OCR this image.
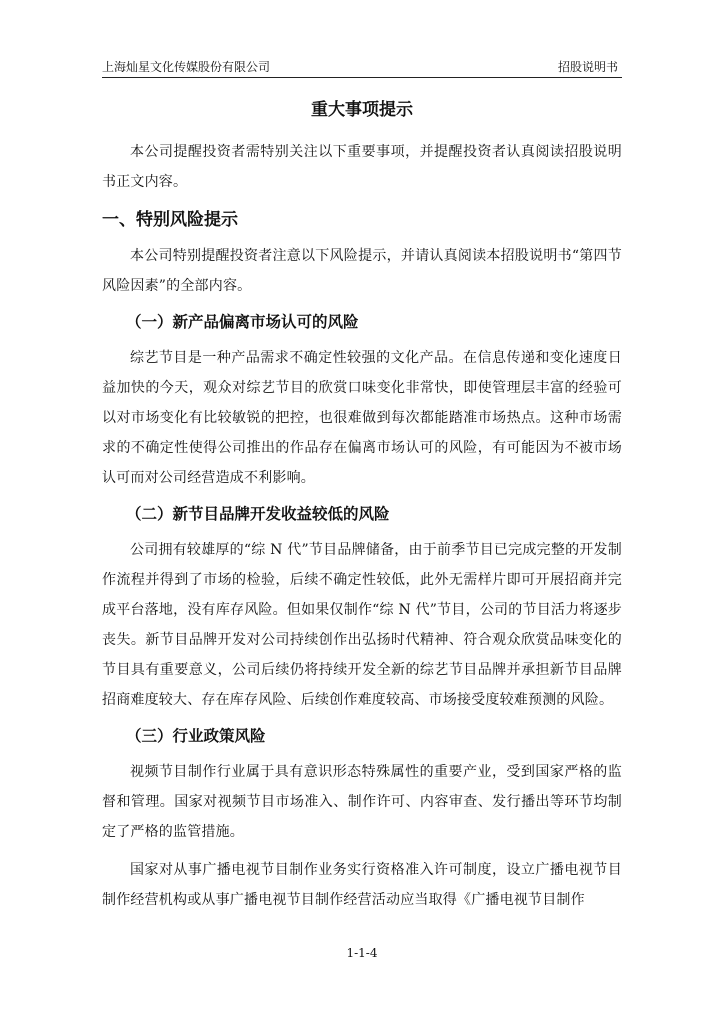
上海灿星文化传媒股份有限公司	招股说明书
重大事项提示

本公司提醒投资者需特别关注以下重要事项，并提醒投资者认真阅读招股说明书正文内容。

一、特别风险提示

本公司特别提醒投资者注意以下风险提示，并请认真阅读本招股说明书“第四节 风险因素”的全部内容。

（一）新产品偏离市场认可的风险

综艺节目是一种产品需求不确定性较强的文化产品。在信息传递和变化速度日益加快的今天，观众对综艺节目的欣赏口味变化非常快，即使管理层丰富的经验可以对市场变化有比较敏锐的把控，也很难做到每次都能踏准市场热点。这种市场需求的不确定性使得公司推出的作品存在偏离市场认可的风险，有可能因为不被市场认可而对公司经营造成不利影响。

（二）新节目品牌开发收益较低的风险

公司拥有较雄厚的“综 N 代”节目品牌储备，由于前季节目已完成完整的开发制作流程并得到了市场的检验，后续不确定性较低，此外无需样片即可开展招商并完成平台落地，没有库存风险。但如果仅制作“综 N 代”节目，公司的节目活力将逐步丧失。新节目品牌开发对公司持续创作出弘扬时代精神、符合观众欣赏品味变化的节目具有重要意义，公司后续仍将持续开发全新的综艺节目品牌并承担新节目品牌招商难度较大、存在库存风险、后续创作难度较高、市场接受度较难预测的风险。

（三）行业政策风险

视频节目制作行业属于具有意识形态特殊属性的重要产业，受到国家严格的监督和管理。国家对视频节目市场准入、制作许可、内容审查、发行播出等环节均制定了严格的监管措施。

国家对从事广播电视节目制作业务实行资格准入许可制度，设立广播电视节目制作经营机构或从事广播电视节目制作经营活动应当取得《广播电视节目制作

1-1-4
